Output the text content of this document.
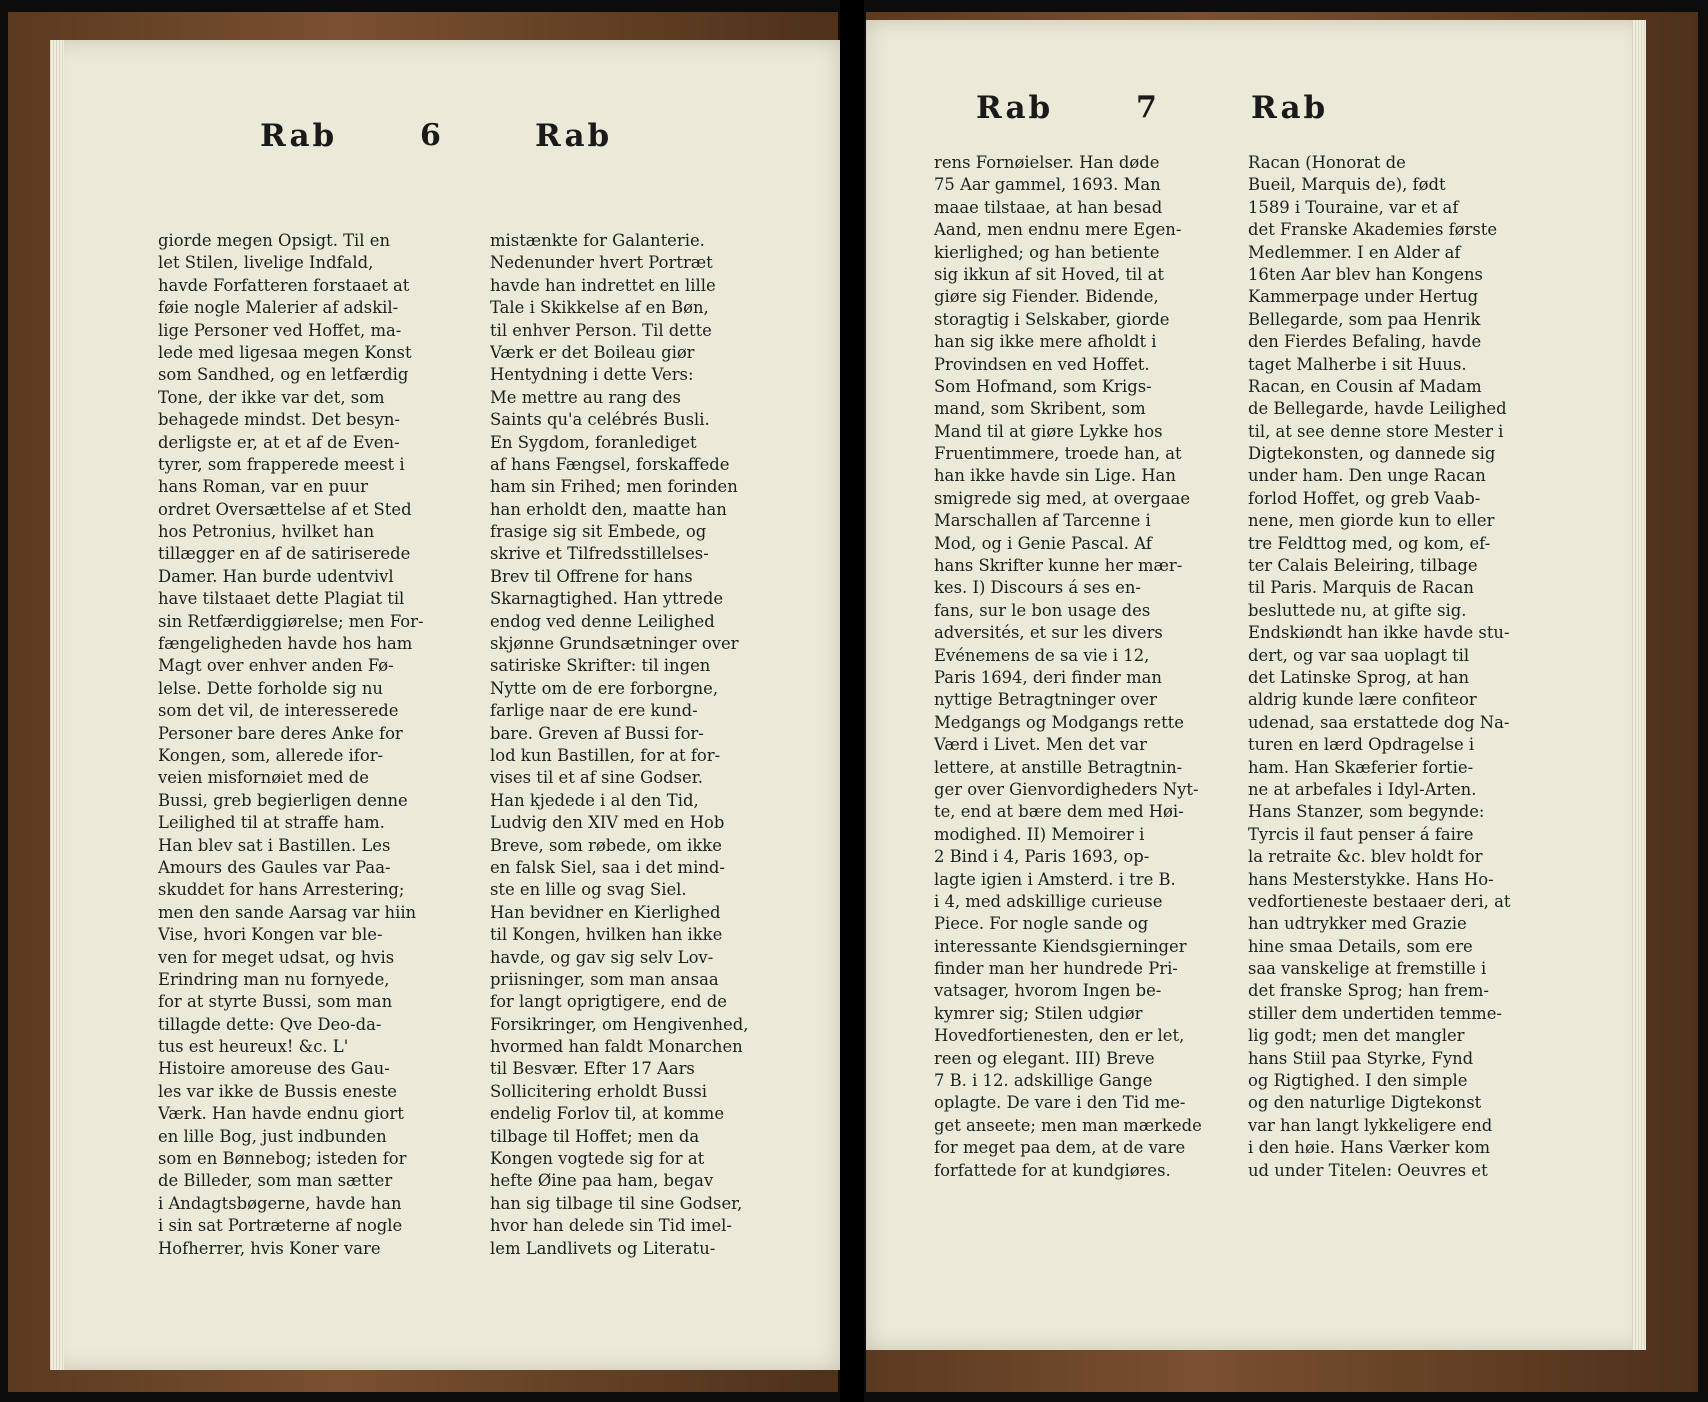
Rab	6	Rab
giorde megen Opsigt. Til en
let Stilen, livelige Indfald,
havde Forfatteren forstaaet at
føie nogle Malerier af adskil-
lige Personer ved Hoffet, ma-
lede med ligesaa megen Konst
som Sandhed, og en letfærdig
Tone, der ikke var det, som
behagede mindst. Det besyn-
derligste er, at et af de Even-
tyrer, som frapperede meest i
hans Roman, var en puur
ordret Oversættelse af et Sted
hos Petronius, hvilket han
tillægger en af de satiriserede
Damer. Han burde udentvivl
have tilstaaet dette Plagiat til
sin Retfærdiggiørelse; men For-
fængeligheden havde hos ham
Magt over enhver anden Fø-
lelse. Dette forholde sig nu
som det vil, de interesserede
Personer bare deres Anke for
Kongen, som, allerede ifor-
veien misfornøiet med de
Bussi, greb begierligen denne
Leilighed til at straffe ham.
Han blev sat i Bastillen. Les
Amours des Gaules var Paa-
skuddet for hans Arrestering;
men den sande Aarsag var hiin
Vise, hvori Kongen var ble-
ven for meget udsat, og hvis
Erindring man nu fornyede,
for at styrte Bussi, som man
tillagde dette: Qve Deo-da-
tus est heureux! &c. L'
Histoire amoreuse des Gau-
les var ikke de Bussis eneste
Værk. Han havde endnu giort
en lille Bog, just indbunden
som en Bønnebog; isteden for
de Billeder, som man sætter
i Andagtsbøgerne, havde han
i sin sat Portræterne af nogle
Hofherrer, hvis Koner vare
mistænkte for Galanterie.
Nedenunder hvert Portræt
havde han indrettet en lille
Tale i Skikkelse af en Bøn,
til enhver Person. Til dette
Værk er det Boileau giør
Hentydning i dette Vers:
Me mettre au rang des
Saints qu'a celébrés Busli.
En Sygdom, foranlediget
af hans Fængsel, forskaffede
ham sin Frihed; men forinden
han erholdt den, maatte han
frasige sig sit Embede, og
skrive et Tilfredsstillelses-
Brev til Offrene for hans
Skarnagtighed. Han yttrede
endog ved denne Leilighed
skjønne Grundsætninger over
satiriske Skrifter: til ingen
Nytte om de ere forborgne,
farlige naar de ere kund-
bare. Greven af Bussi for-
lod kun Bastillen, for at for-
vises til et af sine Godser.
Han kjedede i al den Tid,
Ludvig den XIV med en Hob
Breve, som røbede, om ikke
en falsk Siel, saa i det mind-
ste en lille og svag Siel.
Han bevidner en Kierlighed
til Kongen, hvilken han ikke
havde, og gav sig selv Lov-
priisninger, som man ansaa
for langt oprigtigere, end de
Forsikringer, om Hengivenhed,
hvormed han faldt Monarchen
til Besvær. Efter 17 Aars
Sollicitering erholdt Bussi
endelig Forlov til, at komme
tilbage til Hoffet; men da
Kongen vogtede sig for at
hefte Øine paa ham, begav
han sig tilbage til sine Godser,
hvor han delede sin Tid imel-
lem Landlivets og Literatu-
Rab	7	Rab
rens Fornøielser. Han døde
75 Aar gammel, 1693. Man
maae tilstaae, at han besad
Aand, men endnu mere Egen-
kierlighed; og han betiente
sig ikkun af sit Hoved, til at
giøre sig Fiender. Bidende,
storagtig i Selskaber, giorde
han sig ikke mere afholdt i
Provindsen en ved Hoffet.
Som Hofmand, som Krigs-
mand, som Skribent, som
Mand til at giøre Lykke hos
Fruentimmere, troede han, at
han ikke havde sin Lige. Han
smigrede sig med, at overgaae
Marschallen af Tarcenne i
Mod, og i Genie Pascal. Af
hans Skrifter kunne her mær-
kes. I) Discours á ses en-
fans, sur le bon usage des
adversités, et sur les divers
Evénemens de sa vie i 12,
Paris 1694, deri finder man
nyttige Betragtninger over
Medgangs og Modgangs rette
Værd i Livet. Men det var
lettere, at anstille Betragtnin-
ger over Gienvordigheders Nyt-
te, end at bære dem med Høi-
modighed. II) Memoirer i
2 Bind i 4, Paris 1693, op-
lagte igien i Amsterd. i tre B.
i 4, med adskillige curieuse
Piece. For nogle sande og
interessante Kiendsgierninger
finder man her hundrede Pri-
vatsager, hvorom Ingen be-
kymrer sig; Stilen udgiør
Hovedfortienesten, den er let,
reen og elegant. III) Breve
7 B. i 12. adskillige Gange
oplagte. De vare i den Tid me-
get anseete; men man mærkede
for meget paa dem, at de vare
forfattede for at kundgiøres.
Racan (Honorat de
Bueil, Marquis de), født
1589 i Touraine, var et af
det Franske Akademies første
Medlemmer. I en Alder af
16ten Aar blev han Kongens
Kammerpage under Hertug
Bellegarde, som paa Henrik
den Fierdes Befaling, havde
taget Malherbe i sit Huus.
Racan, en Cousin af Madam
de Bellegarde, havde Leilighed
til, at see denne store Mester i
Digtekonsten, og dannede sig
under ham. Den unge Racan
forlod Hoffet, og greb Vaab-
nene, men giorde kun to eller
tre Feldttog med, og kom, ef-
ter Calais Beleiring, tilbage
til Paris. Marquis de Racan
besluttede nu, at gifte sig.
Endskiøndt han ikke havde stu-
dert, og var saa uoplagt til
det Latinske Sprog, at han
aldrig kunde lære confiteor
udenad, saa erstattede dog Na-
turen en lærd Opdragelse i
ham. Han Skæferier fortie-
ne at arbefales i Idyl-Arten.
Hans Stanzer, som begynde:
Tyrcis il faut penser á faire
la retraite &c. blev holdt for
hans Mesterstykke. Hans Ho-
vedfortieneste bestaaer deri, at
han udtrykker med Grazie
hine smaa Details, som ere
saa vanskelige at fremstille i
det franske Sprog; han frem-
stiller dem undertiden temme-
lig godt; men det mangler
hans Stiil paa Styrke, Fynd
og Rigtighed. I den simple
og den naturlige Digtekonst
var han langt lykkeligere end
i den høie. Hans Værker kom
ud under Titelen: Oeuvres et
